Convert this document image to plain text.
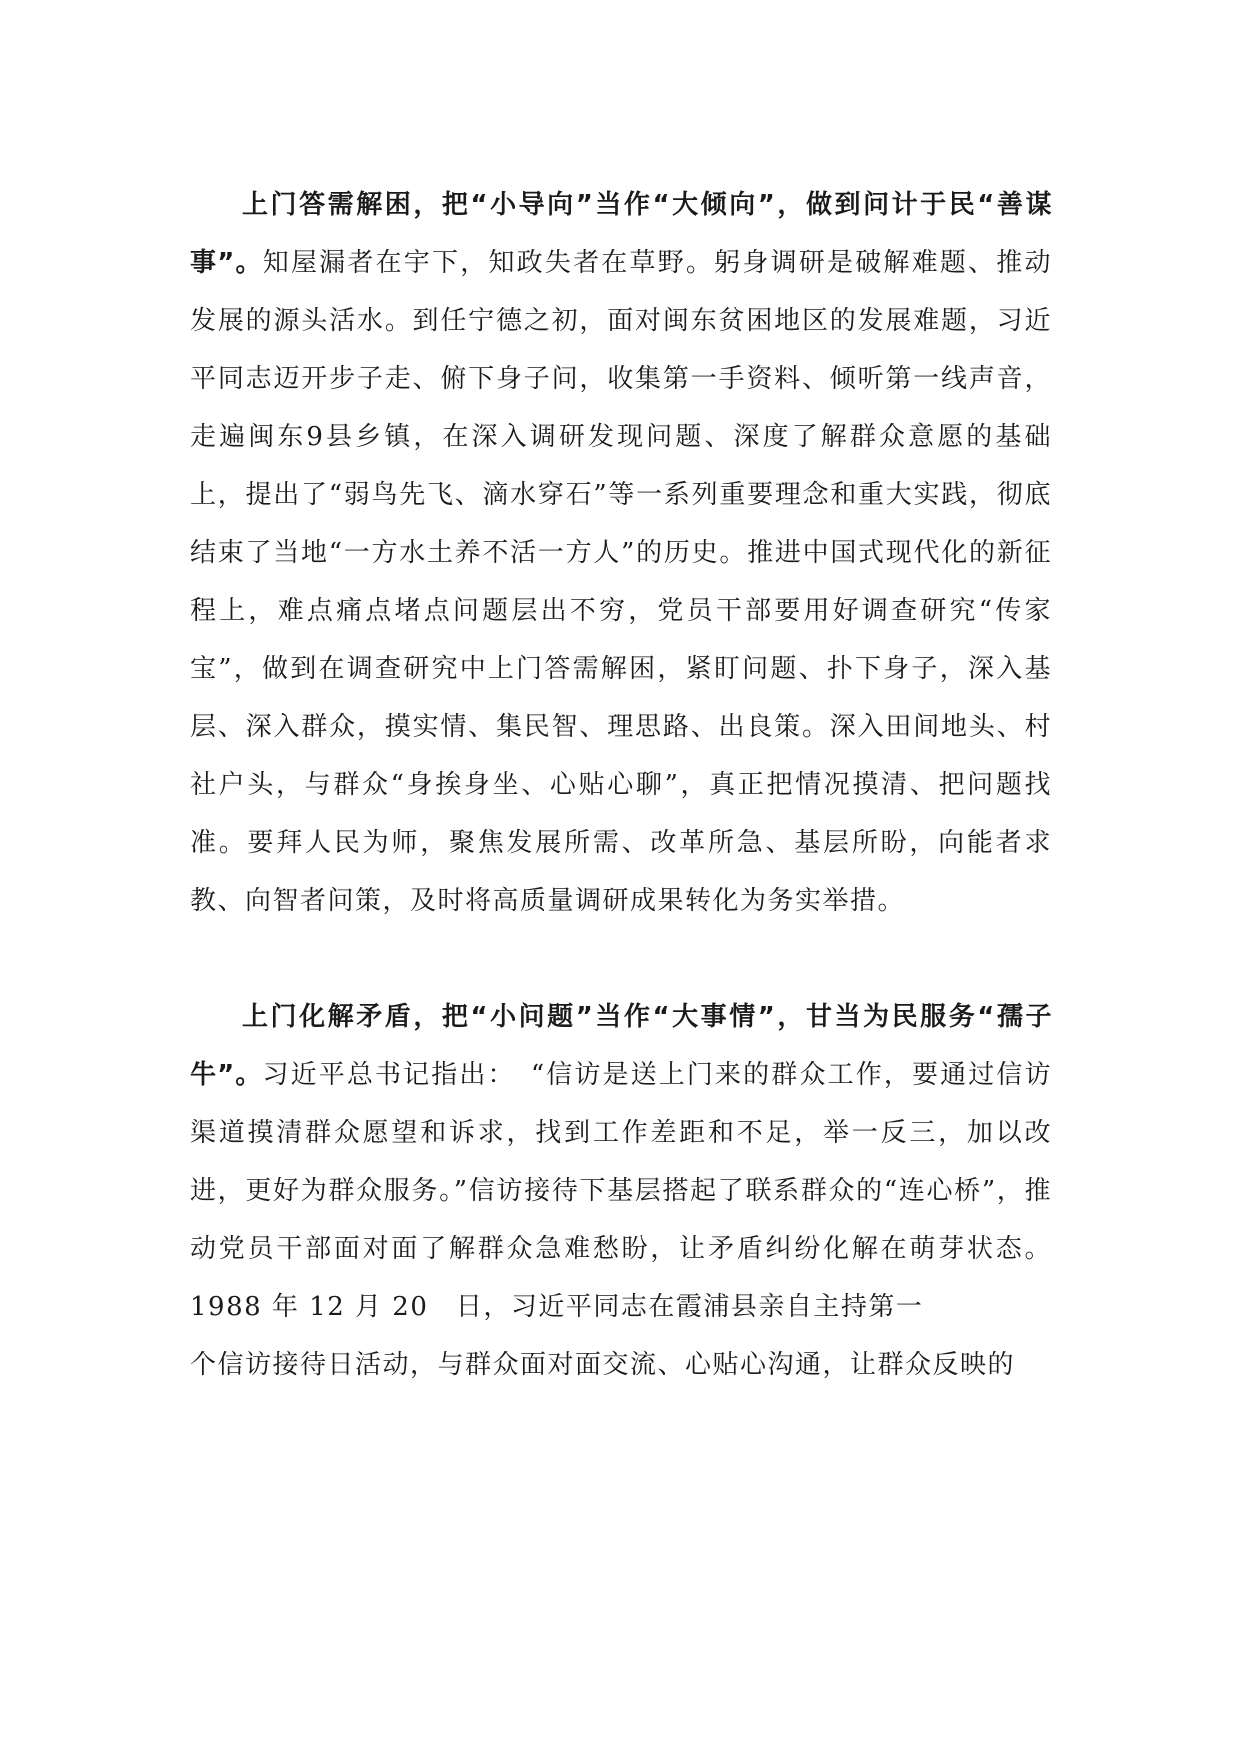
上门答需解困，把“小导向”当作“大倾向”，做到问计于民“善谋事”。知屋漏者在宇下，知政失者在草野。躬身调研是破解难题、推动发展的源头活水。到任宁德之初，面对闽东贫困地区的发展难题，习近平同志迈开步子走、俯下身子问，收集第一手资料、倾听第一线声音，走遍闽东9县乡镇，在深入调研发现问题、深度了解群众意愿的基础上，提出了“弱鸟先飞、滴水穿石”等一系列重要理念和重大实践，彻底结束了当地“一方水土养不活一方人”的历史。推进中国式现代化的新征程上，难点痛点堵点问题层出不穷，党员干部要用好调查研究“传家宝”，做到在调查研究中上门答需解困，紧盯问题、扑下身子，深入基层、深入群众，摸实情、集民智、理思路、出良策。深入田间地头、村社户头，与群众“身挨身坐、心贴心聊”，真正把情况摸清、把问题找准。要拜人民为师，聚焦发展所需、改革所急、基层所盼，向能者求教、向智者问策，及时将高质量调研成果转化为务实举措。

上门化解矛盾，把“小问题”当作“大事情”，甘当为民服务“孺子牛”。习近平总书记指出：　“信访是送上门来的群众工作，要通过信访渠道摸清群众愿望和诉求，找到工作差距和不足，举一反三，加以改进，更好为群众服务。”信访接待下基层搭起了联系群众的“连心桥”，推动党员干部面对面了解群众急难愁盼，让矛盾纠纷化解在萌芽状态。1988 年 12 月 20　日，习近平同志在霞浦县亲自主持第一

个信访接待日活动，与群众面对面交流、心贴心沟通，让群众反映的
